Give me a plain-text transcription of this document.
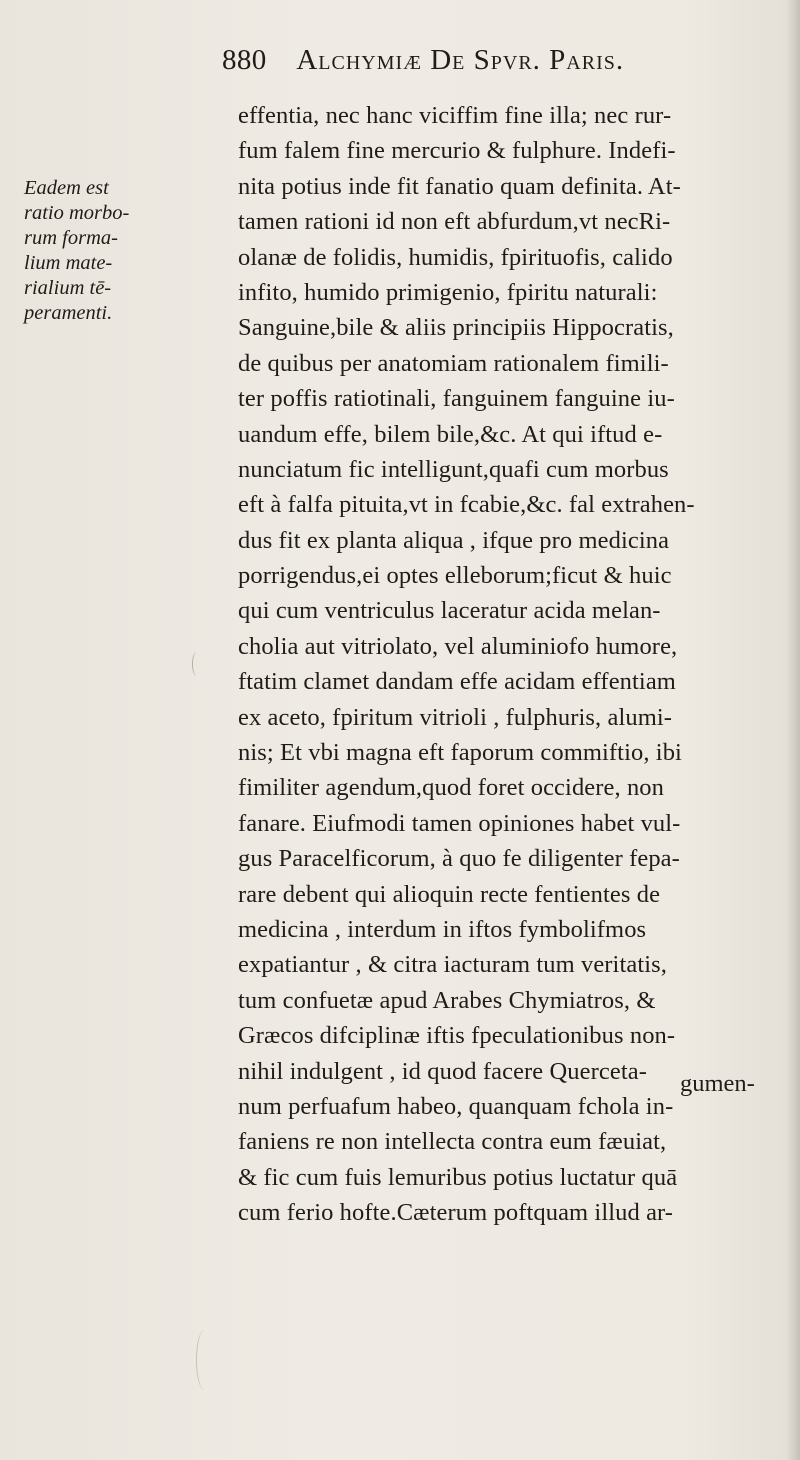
880 Alchymiæ De Spvr. Paris.
Eadem est
ratio morbo-
rum forma-
lium mate-
rialium tē-
peramenti.
effentia, nec hanc viciffim fine illa; nec rur-
fum falem fine mercurio & fulphure. Indefi-
nita potius inde fit fanatio quam definita. At-
tamen rationi id non eft abfurdum,vt necRi-
olanæ de folidis, humidis, fpirituofis, calido
infito, humido primigenio, fpiritu naturali:
Sanguine,bile & aliis principiis Hippocratis,
de quibus per anatomiam rationalem fimili-
ter poffis ratiotinali, fanguinem fanguine iu-
uandum effe, bilem bile,&c. At qui iftud e-
nunciatum fic intelligunt,quafi cum morbus
eft à falfa pituita,vt in fcabie,&c. fal extrahen-
dus fit ex planta aliqua , ifque pro medicina
porrigendus,ei optes elleborum;ficut & huic
qui cum ventriculus laceratur acida melan-
cholia aut vitriolato, vel aluminiofo humore,
ftatim clamet dandam effe acidam effentiam
ex aceto, fpiritum vitrioli , fulphuris, alumi-
nis; Et vbi magna eft faporum commiftio, ibi
fimiliter agendum,quod foret occidere, non
fanare. Eiufmodi tamen opiniones habet vul-
gus Paracelficorum, à quo fe diligenter fepa-
rare debent qui alioquin recte fentientes de
medicina , interdum in iftos fymbolifmos
expatiantur , & citra iacturam tum veritatis,
tum confuetæ apud Arabes Chymiatros, &
Græcos difciplinæ iftis fpeculationibus non-
nihil indulgent , id quod facere Querceta-
num perfuafum habeo, quanquam fchola in-
faniens re non intellecta contra eum fæuiat,
& fic cum fuis lemuribus potius luctatur quā
cum ferio hofte.Cæterum poftquam illud ar-
gumen-
